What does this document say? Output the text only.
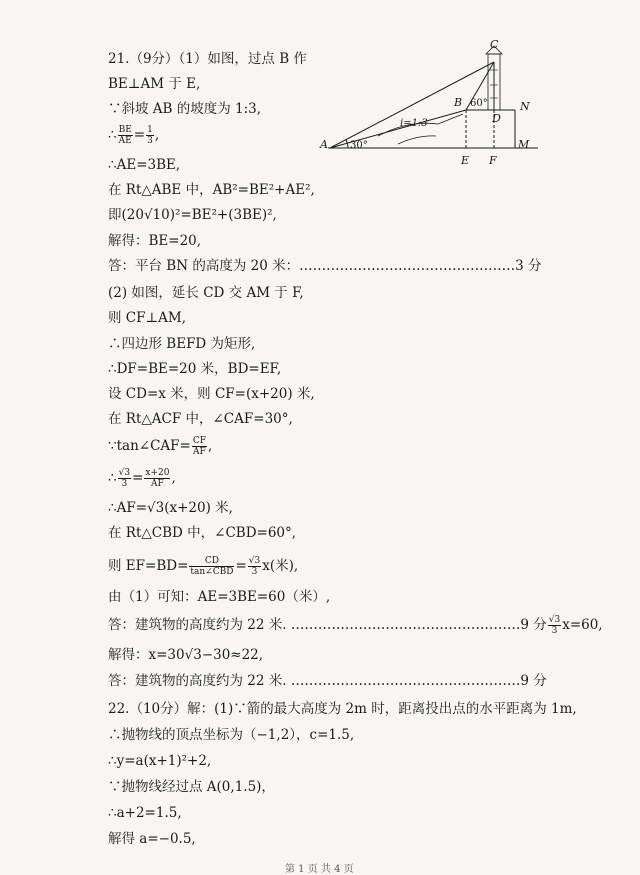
C
B 60°
D
N
A 30°
i=1:3
E F
M
21.（9分）（1）如图，过点 B 作
BE⊥AM 于 E,
∵斜坡 AB 的坡度为 1:3,
∴AE=3BE,
在 Rt△ABE 中，AB²=BE²+AE²,
即(20√10)²=BE²+(3BE)²,
解得：BE=20,
答：平台 BN 的高度为 20 米：…………………………………………3 分
(2) 如图，延长 CD 交 AM 于 F,
则 CF⊥AM,
∴四边形 BEFD 为矩形,
∴DF=BE=20 米，BD=EF,
设 CD=x 米，则 CF=(x+20) 米,
在 Rt△ACF 中，∠CAF=30°,
∴AF=√3(x+20) 米,
在 Rt△CBD 中，∠CBD=60°,
由（1）可知：AE=3BE=60（米）,
解得：x=30√3−30≈22,
答：建筑物的高度约为 22 米. ……………………………………………9 分
22.（10分）解：(1)∵箭的最大高度为 2m 时，距离投出点的水平距离为 1m,
∴抛物线的顶点坐标为（−1,2），c=1.5,
∴y=a(x+1)²+2,
∵抛物线经过点 A(0,1.5)，
∴a+2=1.5,
解得 a=−0.5,
∴ $\frac{BE}{AE} = \frac{1}{3}$ ,
∵tan∠CAF= $\frac{CF}{AF}$ ,
∴ $\frac{√3}{3} = \frac{x+20}{AF}$ ,
则 $EF=BD= \frac{CD}{\text{tan∠CBD}} = \frac{√3}{3} x$(米),
答：建筑物的高度约为 22 米. ……………………………………………9 分 $\frac{√3}{3} x=60$,
第 1 页 共 4 页
